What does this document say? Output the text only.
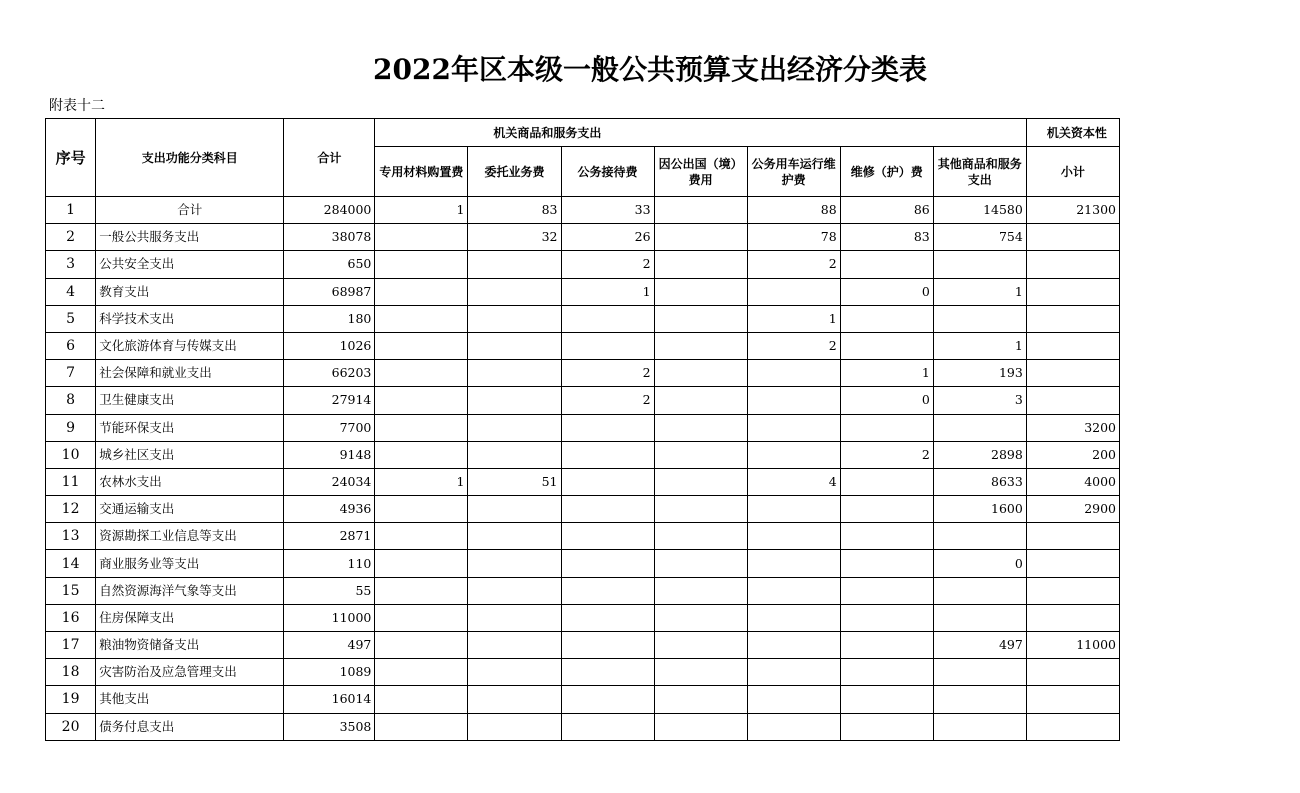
2022年区本级一般公共预算支出经济分类表
附表十二
序号	支出功能分类科目	合计	机关商品和服务支出							机关资本性
			专用材料购置费	委托业务费	公务接待费	因公出国（境）费用	公务用车运行维护费	维修（护）费	其他商品和服务支出	小计
1	合计	284000	1	83	33		88	86	14580	21300
2	一般公共服务支出	38078		32	26		78	83	754	
3	公共安全支出	650			2		2			
4	教育支出	68987			1			0	1	
5	科学技术支出	180					1			
6	文化旅游体育与传媒支出	1026					2		1	
7	社会保障和就业支出	66203			2			1	193	
8	卫生健康支出	27914			2			0	3	
9	节能环保支出	7700								3200
10	城乡社区支出	9148						2	2898	200
11	农林水支出	24034	1	51			4		8633	4000
12	交通运输支出	4936							1600	2900
13	资源勘探工业信息等支出	2871								
14	商业服务业等支出	110							0	
15	自然资源海洋气象等支出	55								
16	住房保障支出	11000								
17	粮油物资储备支出	497							497	11000
18	灾害防治及应急管理支出	1089								
19	其他支出	16014								
20	债务付息支出	3508								
